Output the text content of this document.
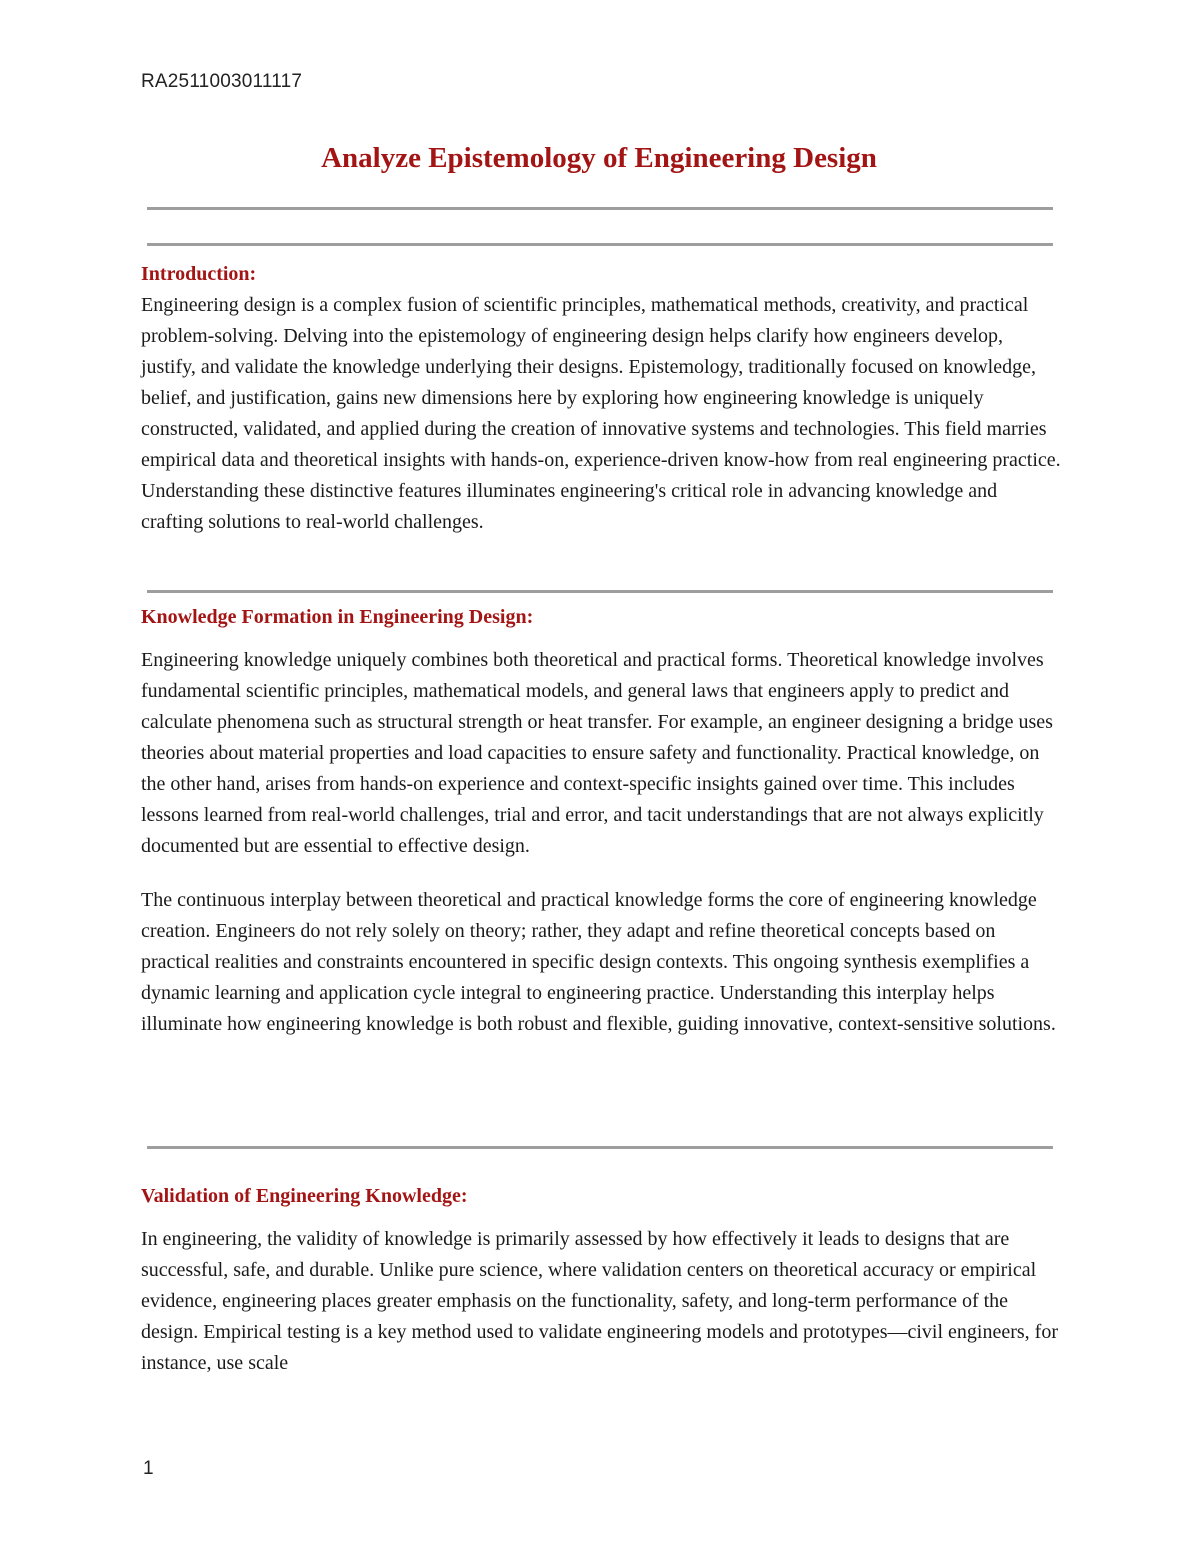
RA2511003011117
Analyze Epistemology of Engineering Design

Introduction:

Engineering design is a complex fusion of scientific principles, mathematical methods, creativity, and practical problem-solving. Delving into the epistemology of engineering design helps clarify how engineers develop, justify, and validate the knowledge underlying their designs. Epistemology, traditionally focused on knowledge, belief, and justification, gains new dimensions here by exploring how engineering knowledge is uniquely constructed, validated, and applied during the creation of innovative systems and technologies. This field marries empirical data and theoretical insights with hands-on, experience-driven know-how from real engineering practice. Understanding these distinctive features illuminates engineering's critical role in advancing knowledge and crafting solutions to real-world challenges.

Knowledge Formation in Engineering Design:

Engineering knowledge uniquely combines both theoretical and practical forms. Theoretical knowledge involves fundamental scientific principles, mathematical models, and general laws that engineers apply to predict and calculate phenomena such as structural strength or heat transfer. For example, an engineer designing a bridge uses theories about material properties and load capacities to ensure safety and functionality. Practical knowledge, on the other hand, arises from hands-on experience and context-specific insights gained over time. This includes lessons learned from real-world challenges, trial and error, and tacit understandings that are not always explicitly documented but are essential to effective design.

The continuous interplay between theoretical and practical knowledge forms the core of engineering knowledge creation. Engineers do not rely solely on theory; rather, they adapt and refine theoretical concepts based on practical realities and constraints encountered in specific design contexts. This ongoing synthesis exemplifies a dynamic learning and application cycle integral to engineering practice. Understanding this interplay helps illuminate how engineering knowledge is both robust and flexible, guiding innovative, context-sensitive solutions.

Validation of Engineering Knowledge:

In engineering, the validity of knowledge is primarily assessed by how effectively it leads to designs that are successful, safe, and durable. Unlike pure science, where validation centers on theoretical accuracy or empirical evidence, engineering places greater emphasis on the functionality, safety, and long-term performance of the design. Empirical testing is a key method used to validate engineering models and prototypes—civil engineers, for instance, use scale

1
